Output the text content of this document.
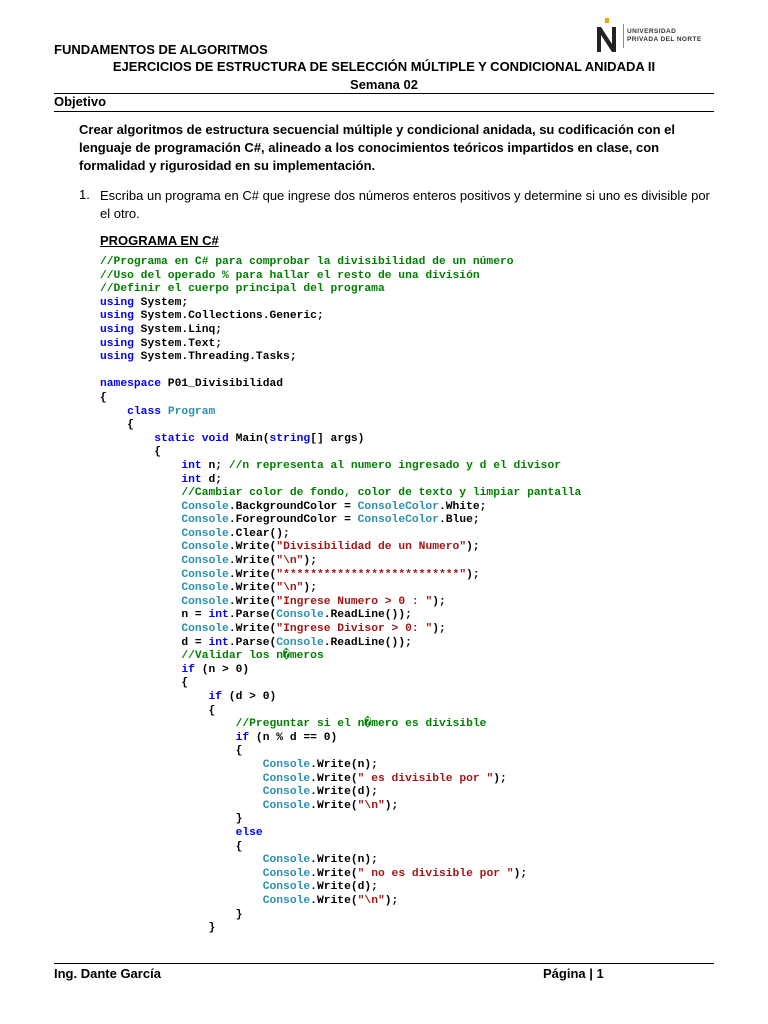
FUNDAMENTOS DE ALGORITMOS
EJERCICIOS DE ESTRUCTURA DE SELECCIÓN MÚLTIPLE Y CONDICIONAL ANIDADA II
Semana 02
UNIVERSIDAD
PRIVADA DEL NORTE
Objetivo
Crear algoritmos de estructura secuencial múltiple y condicional anidada, su codificación con el lenguaje de programación C#, alineado a los conocimientos teóricos impartidos en clase, con formalidad y rigurosidad en su implementación.
1. Escriba un programa en C# que ingrese dos números enteros positivos y determine si uno es divisible por el otro.
PROGRAMA EN C#
//Programa en C# para comprobar la divisibilidad de un número
//Uso del operado % para hallar el resto de una división
//Definir el cuerpo principal del programa
using System;
using System.Collections.Generic;
using System.Linq;
using System.Text;
using System.Threading.Tasks;
namespace P01_Divisibilidad
{
class Program
{
static void Main(string[] args)
{
int n; //n representa al numero ingresado y d el divisor
int d;
//Cambiar color de fondo, color de texto y limpiar pantalla
Console.BackgroundColor = ConsoleColor.White;
Console.ForegroundColor = ConsoleColor.Blue;
Console.Clear();
Console.Write("Divisibilidad de un Numero");
Console.Write("\n");
Console.Write("**************************");
Console.Write("\n");
Console.Write("Ingrese Numero > 0 : ");
n = int.Parse(Console.ReadLine());
Console.Write("Ingrese Divisor > 0: ");
d = int.Parse(Console.ReadLine());
//Validar los n�meros
if (n > 0)
{
if (d > 0)
{
//Preguntar si el n�mero es divisible
if (n % d == 0)
{
Console.Write(n);
Console.Write(" es divisible por ");
Console.Write(d);
Console.Write("\n");
}
else
{
Console.Write(n);
Console.Write(" no es divisible por ");
Console.Write(d);
Console.Write("\n");
}
}
Ing. Dante García	Página | 1
